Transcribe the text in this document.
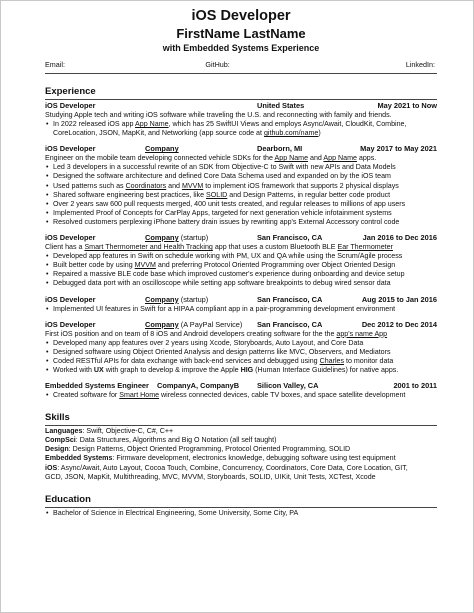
iOS Developer
FirstName LastName
with Embedded Systems Experience
Email:	GitHub:	LinkedIn:
Experience
iOS Developer	United States	May 2021 to Now
Studying Apple tech and writing iOS software while traveling the U.S. and reconnecting with family and friends.
• In 2022 released iOS app App Name, which has 25 SwiftUI Views and employs Async/Await, CloudKit, Combine,
CoreLocation, JSON, MapKit, and Networking (app source code at github.com/name)
iOS Developer	Company	Dearborn, MI	May 2017 to May 2021
Engineer on the mobile team developing connected vehicle SDKs for the App Name and App Name apps.
• Led 3 developers in a successful rewrite of an SDK from Objective-C to Swift with new APIs and Data Models
• Designed the software architecture and defined Core Data Schema used and expanded on by the iOS team
• Used patterns such as Coordinators and MVVM to implement iOS framework that supports 2 physical displays
• Shared software engineering best practices, like SOLID and Design Patterns, in regular better code product
• Over 2 years saw 600 pull requests merged, 400 unit tests created, and regular releases to millions of app users
• Implemented Proof of Concepts for CarPlay Apps, targeted for next generation vehicle infotainment systems
• Resolved customers perplexing iPhone battery drain issues by rewriting app's External Accessory control code
iOS Developer	Company (startup)	San Francisco, CA	Jan 2016 to Dec 2016
Client has a Smart Thermometer and Health Tracking app that uses a custom Bluetooth BLE Ear Thermometer
• Developed app features in Swift on schedule working with PM, UX and QA while using the Scrum/Agile process
• Built better code by using MVVM and preferring Protocol Oriented Programming over Object Oriented Design
• Repaired a massive BLE code base which improved customer's experience during onboarding and device setup
• Debugged data port with an oscilloscope while setting app software breakpoints to debug wired sensor data
iOS Developer	Company (startup)	San Francisco, CA	Aug 2015 to Jan 2016
• Implemented UI features in Swift for a HIPAA compliant app in a pair-programming development environment
iOS Developer	Company (A PayPal Service)	San Francisco, CA	Dec 2012 to Dec 2014
First iOS position and on team of 8 iOS and Android developers creating software for the the app's name App
• Developed many app features over 2 years using Xcode, Storyboards, Auto Layout, and Core Data
• Designed software using Object Oriented Analysis and design patterns like MVC, Observers, and Mediators
• Coded RESTful APIs for data exchange with back-end services and debugged using Charles to monitor data
• Worked with UX with graph to develop & improve the Apple HIG (Human Interface Guidelines) for native apps.
Embedded Systems Engineer	CompanyA, CompanyB	Silicon Valley, CA	2001 to 2011
• Created software for Smart Home wireless connected devices, cable TV boxes, and space satellite development
Skills
Languages: Swift, Objective-C, C#, C++
CompSci: Data Structures, Algorithms and Big O Notation (all self taught)
Design: Design Patterns, Object Oriented Programming, Protocol Oriented Programming, SOLID
Embedded Systems: Firmware development, electronics knowledge, debugging software using test equipment
iOS: Async/Await, Auto Layout, Cocoa Touch, Combine, Concurrency, Coordinators, Core Data, Core Location, GIT,
GCD, JSON, MapKit, Multithreading, MVC, MVVM, Storyboards, SOLID, UIKit, Unit Tests, XCTest, Xcode
Education
• Bachelor of Science in Electrical Engineering, Some University, Some City, PA
